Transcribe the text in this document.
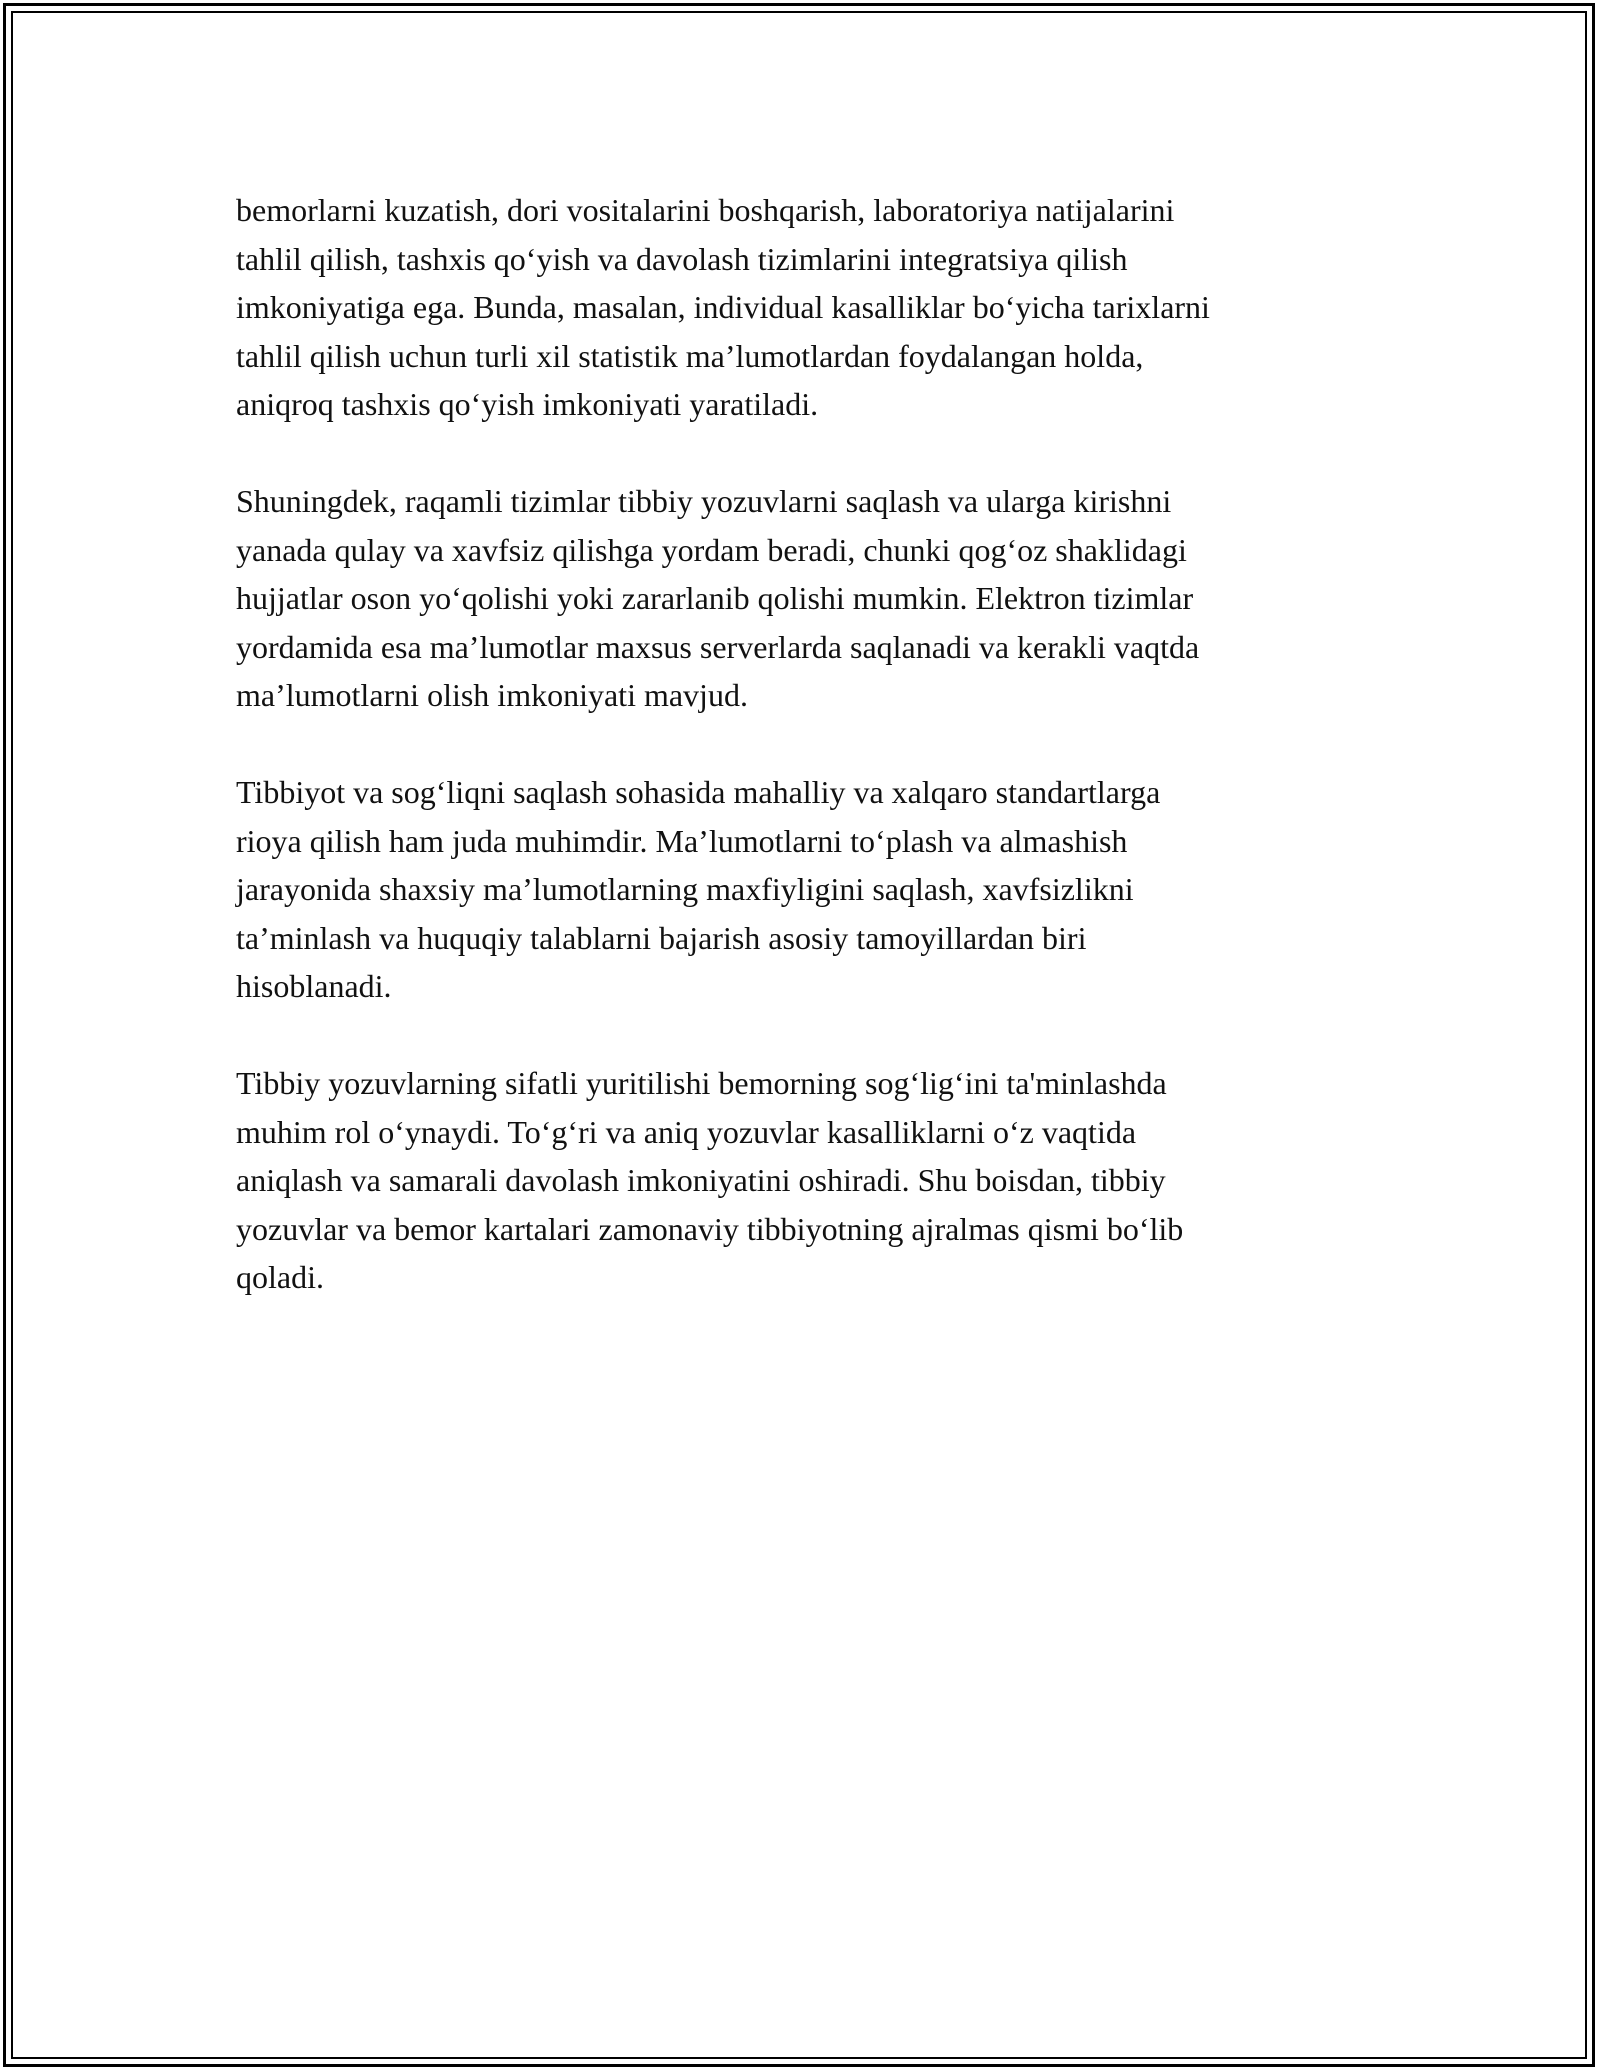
bemorlarni kuzatish, dori vositalarini boshqarish, laboratoriya natijalarini
tahlil qilish, tashxis qo‘yish va davolash tizimlarini integratsiya qilish
imkoniyatiga ega. Bunda, masalan, individual kasalliklar bo‘yicha tarixlarni
tahlil qilish uchun turli xil statistik ma’lumotlardan foydalangan holda,
aniqroq tashxis qo‘yish imkoniyati yaratiladi.

Shuningdek, raqamli tizimlar tibbiy yozuvlarni saqlash va ularga kirishni
yanada qulay va xavfsiz qilishga yordam beradi, chunki qog‘oz shaklidagi
hujjatlar oson yo‘qolishi yoki zararlanib qolishi mumkin. Elektron tizimlar
yordamida esa ma’lumotlar maxsus serverlarda saqlanadi va kerakli vaqtda
ma’lumotlarni olish imkoniyati mavjud.

Tibbiyot va sog‘liqni saqlash sohasida mahalliy va xalqaro standartlarga
rioya qilish ham juda muhimdir. Ma’lumotlarni to‘plash va almashish
jarayonida shaxsiy ma’lumotlarning maxfiyligini saqlash, xavfsizlikni
ta’minlash va huquqiy talablarni bajarish asosiy tamoyillardan biri
hisoblanadi.

Tibbiy yozuvlarning sifatli yuritilishi bemorning sog‘lig‘ini ta'minlashda
muhim rol o‘ynaydi. To‘g‘ri va aniq yozuvlar kasalliklarni o‘z vaqtida
aniqlash va samarali davolash imkoniyatini oshiradi. Shu boisdan, tibbiy
yozuvlar va bemor kartalari zamonaviy tibbiyotning ajralmas qismi bo‘lib
qoladi.
